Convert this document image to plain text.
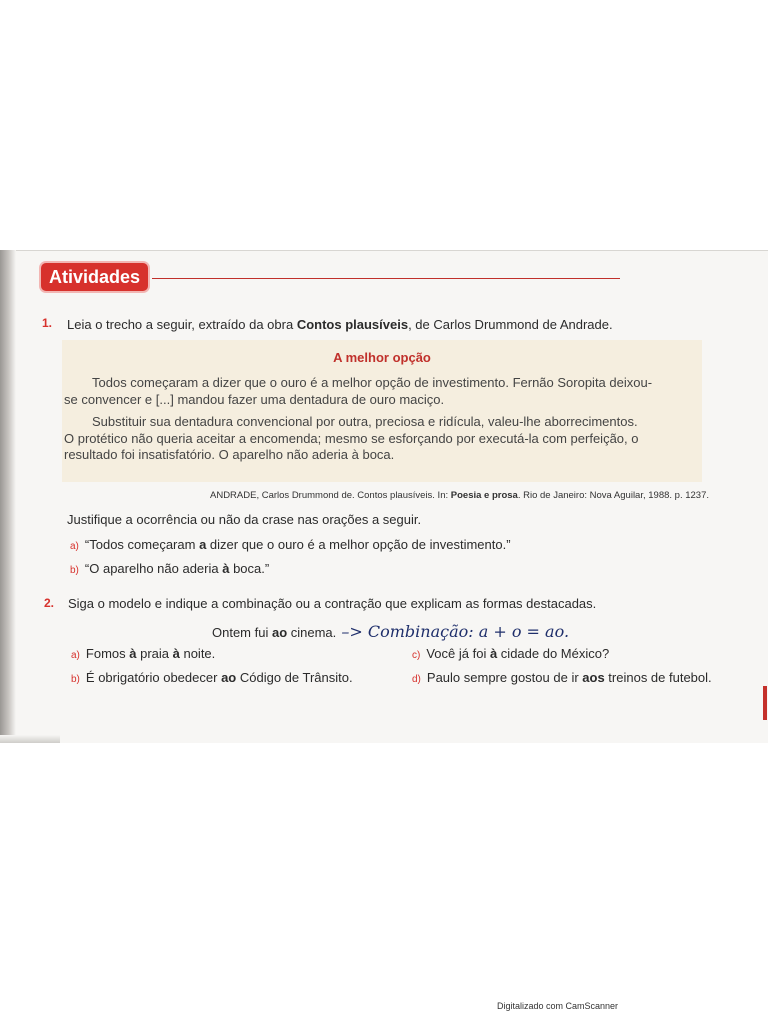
Atividades
1. Leia o trecho a seguir, extraído da obra Contos plausíveis, de Carlos Drummond de Andrade.
A melhor opção
Todos começaram a dizer que o ouro é a melhor opção de investimento. Fernão Soropita deixou-
se convencer e [...] mandou fazer uma dentadura de ouro maciço.
Substituir sua dentadura convencional por outra, preciosa e ridícula, valeu-lhe aborrecimentos.
O protético não queria aceitar a encomenda; mesmo se esforçando por executá-la com perfeição, o
resultado foi insatisfatório. O aparelho não aderia à boca.
ANDRADE, Carlos Drummond de. Contos plausíveis. In: Poesia e prosa. Rio de Janeiro: Nova Aguilar, 1988. p. 1237.
Justifique a ocorrência ou não da crase nas orações a seguir.
a) “Todos começaram a dizer que o ouro é a melhor opção de investimento.”
b) “O aparelho não aderia à boca.”
2. Siga o modelo e indique a combinação ou a contração que explicam as formas destacadas.
Ontem fui ao cinema. –> Combinação: a + o = ao.
a) Fomos à praia à noite.
b) É obrigatório obedecer ao Código de Trânsito.
c) Você já foi à cidade do México?
d) Paulo sempre gostou de ir aos treinos de futebol.
Digitalizado com CamScanner
